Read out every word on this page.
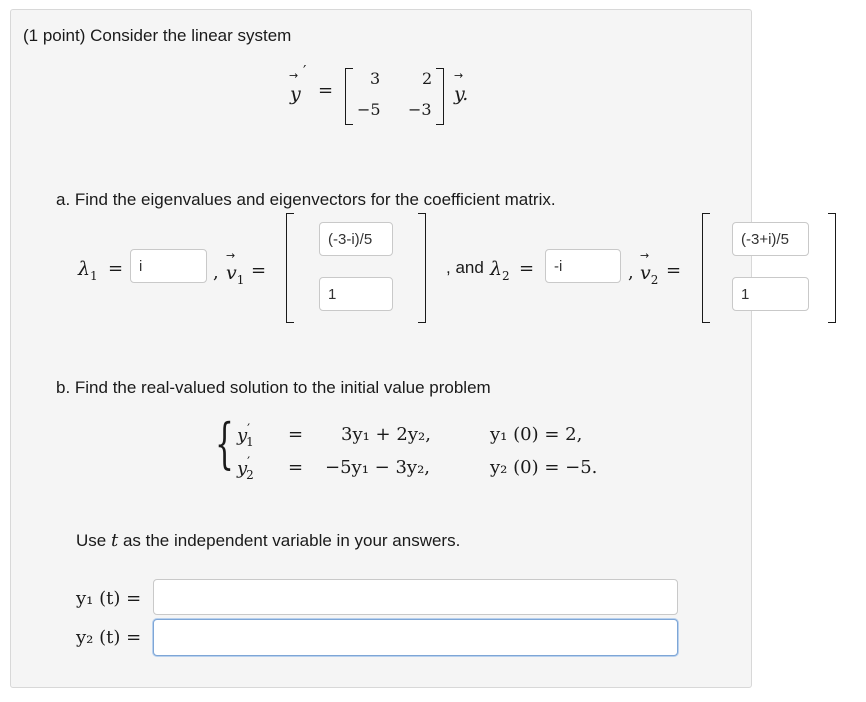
(1 point) Consider the linear system
→
y
′
=
3	2
−5 −3
→
y.
a. Find the eigenvalues and eigenvectors for the coefficient matrix.
$\lambda_1$ =	i	,
→
$v_1$ =
(-3-i)/5
1
, and $\lambda_2$ =	-i	,
→
$v_2$ =
(-3+i)/5
1
b. Find the real-valued solution to the initial value problem
{ $y'_1 = 3y_1 + 2y_2$,	y₁ (0) = 2,
$y'_2 = -5y_1 - 3y_2$,	y₂ (0) = −5.
Use t as the independent variable in your answers.
y₁ (t) =
y₂ (t) =
